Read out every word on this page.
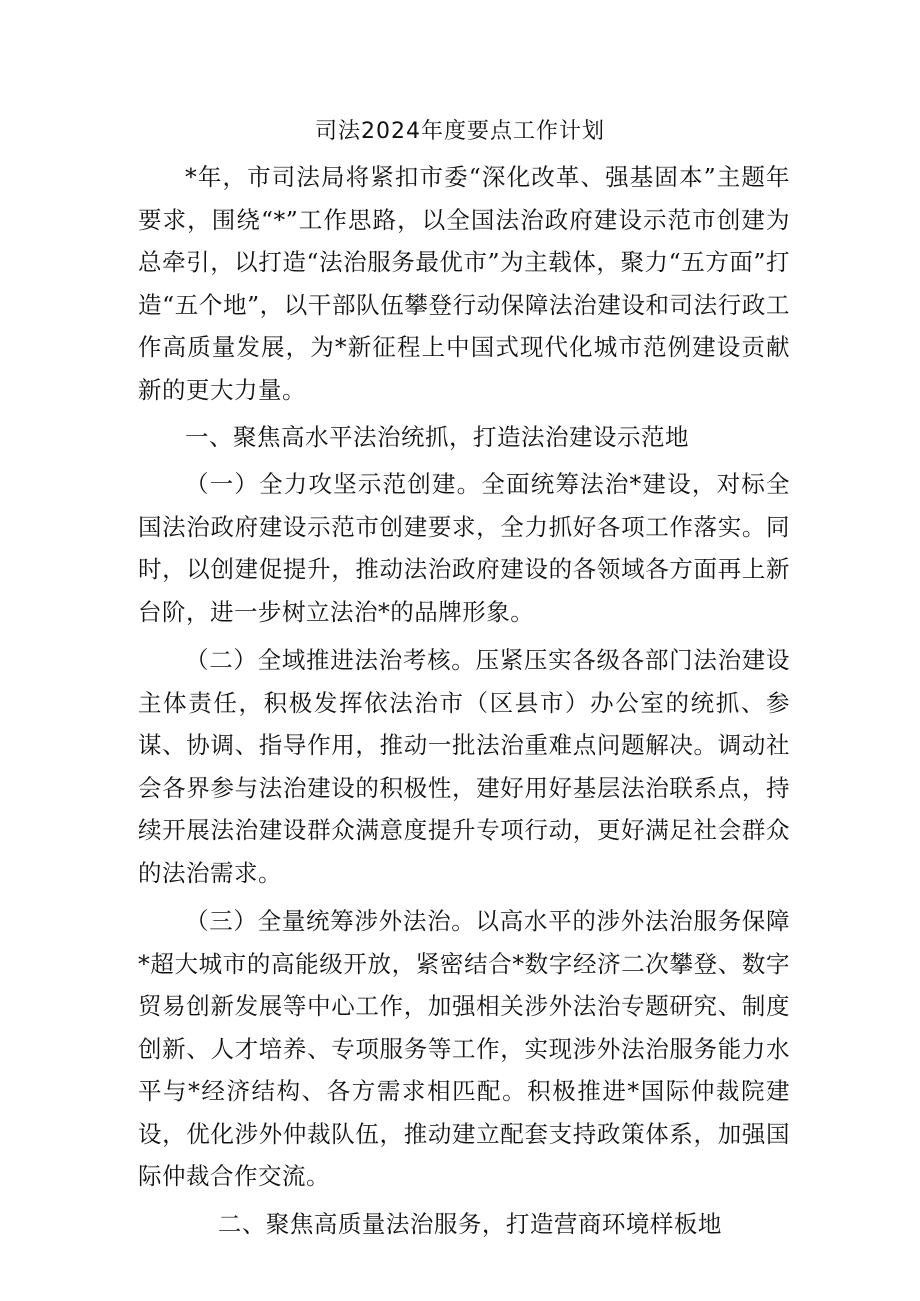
司法2024年度要点工作计划

*年，市司法局将紧扣市委“深化改革、强基固本”主题年要求，围绕“*”工作思路，以全国法治政府建设示范市创建为总牵引，以打造“法治服务最优市”为主载体，聚力“五方面”打造“五个地”，以干部队伍攀登行动保障法治建设和司法行政工作高质量发展，为*新征程上中国式现代化城市范例建设贡献新的更大力量。

一、聚焦高水平法治统抓，打造法治建设示范地

（一）全力攻坚示范创建。全面统筹法治*建设，对标全国法治政府建设示范市创建要求，全力抓好各项工作落实。同时，以创建促提升，推动法治政府建设的各领域各方面再上新台阶，进一步树立法治*的品牌形象。

（二）全域推进法治考核。压紧压实各级各部门法治建设主体责任，积极发挥依法治市（区县市）办公室的统抓、参谋、协调、指导作用，推动一批法治重难点问题解决。调动社会各界参与法治建设的积极性，建好用好基层法治联系点，持续开展法治建设群众满意度提升专项行动，更好满足社会群众的法治需求。

（三）全量统筹涉外法治。以高水平的涉外法治服务保障*超大城市的高能级开放，紧密结合*数字经济二次攀登、数字贸易创新发展等中心工作，加强相关涉外法治专题研究、制度创新、人才培养、专项服务等工作，实现涉外法治服务能力水平与*经济结构、各方需求相匹配。积极推进*国际仲裁院建设，优化涉外仲裁队伍，推动建立配套支持政策体系，加强国际仲裁合作交流。

二、聚焦高质量法治服务，打造营商环境样板地
